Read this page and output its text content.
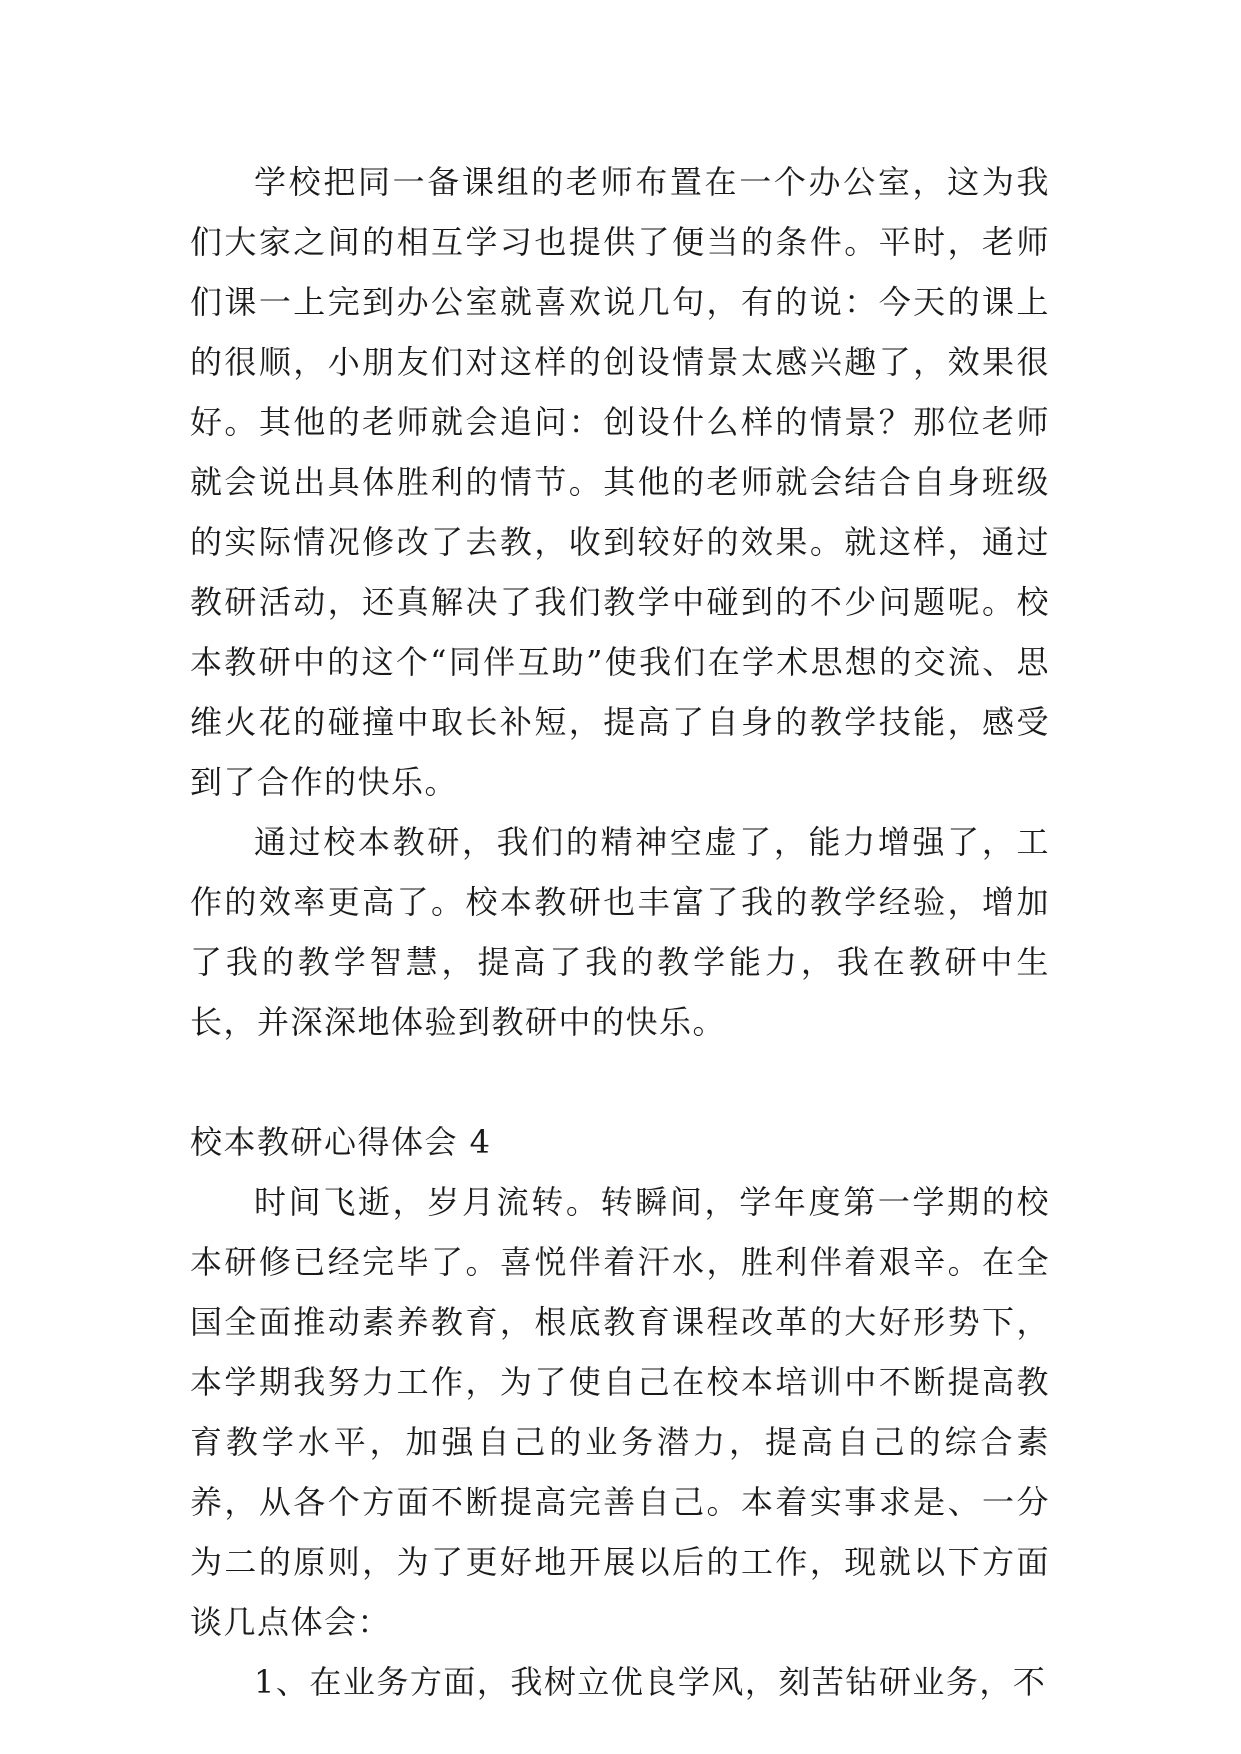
学校把同一备课组的老师布置在一个办公室，这为我们大家之间的相互学习也提供了便当的条件。平时，老师们课一上完到办公室就喜欢说几句，有的说：今天的课上的很顺，小朋友们对这样的创设情景太感兴趣了，效果很好。其他的老师就会追问：创设什么样的情景？那位老师就会说出具体胜利的情节。其他的老师就会结合自身班级的实际情况修改了去教，收到较好的效果。就这样，通过教研活动，还真解决了我们教学中碰到的不少问题呢。校本教研中的这个“同伴互助”使我们在学术思想的交流、思维火花的碰撞中取长补短，提高了自身的教学技能，感受到了合作的快乐。

通过校本教研，我们的精神空虚了，能力增强了，工作的效率更高了。校本教研也丰富了我的教学经验，增加了我的教学智慧，提高了我的教学能力，我在教研中生长，并深深地体验到教研中的快乐。

校本教研心得体会 4

时间飞逝，岁月流转。转瞬间，学年度第一学期的校本研修已经完毕了。喜悦伴着汗水，胜利伴着艰辛。在全国全面推动素养教育，根底教育课程改革的大好形势下，本学期我努力工作，为了使自己在校本培训中不断提高教育教学水平，加强自己的业务潜力，提高自己的综合素养，从各个方面不断提高完善自己。本着实事求是、一分为二的原则，为了更好地开展以后的工作，现就以下方面谈几点体会：

1、在业务方面，我树立优良学风，刻苦钻研业务，不
